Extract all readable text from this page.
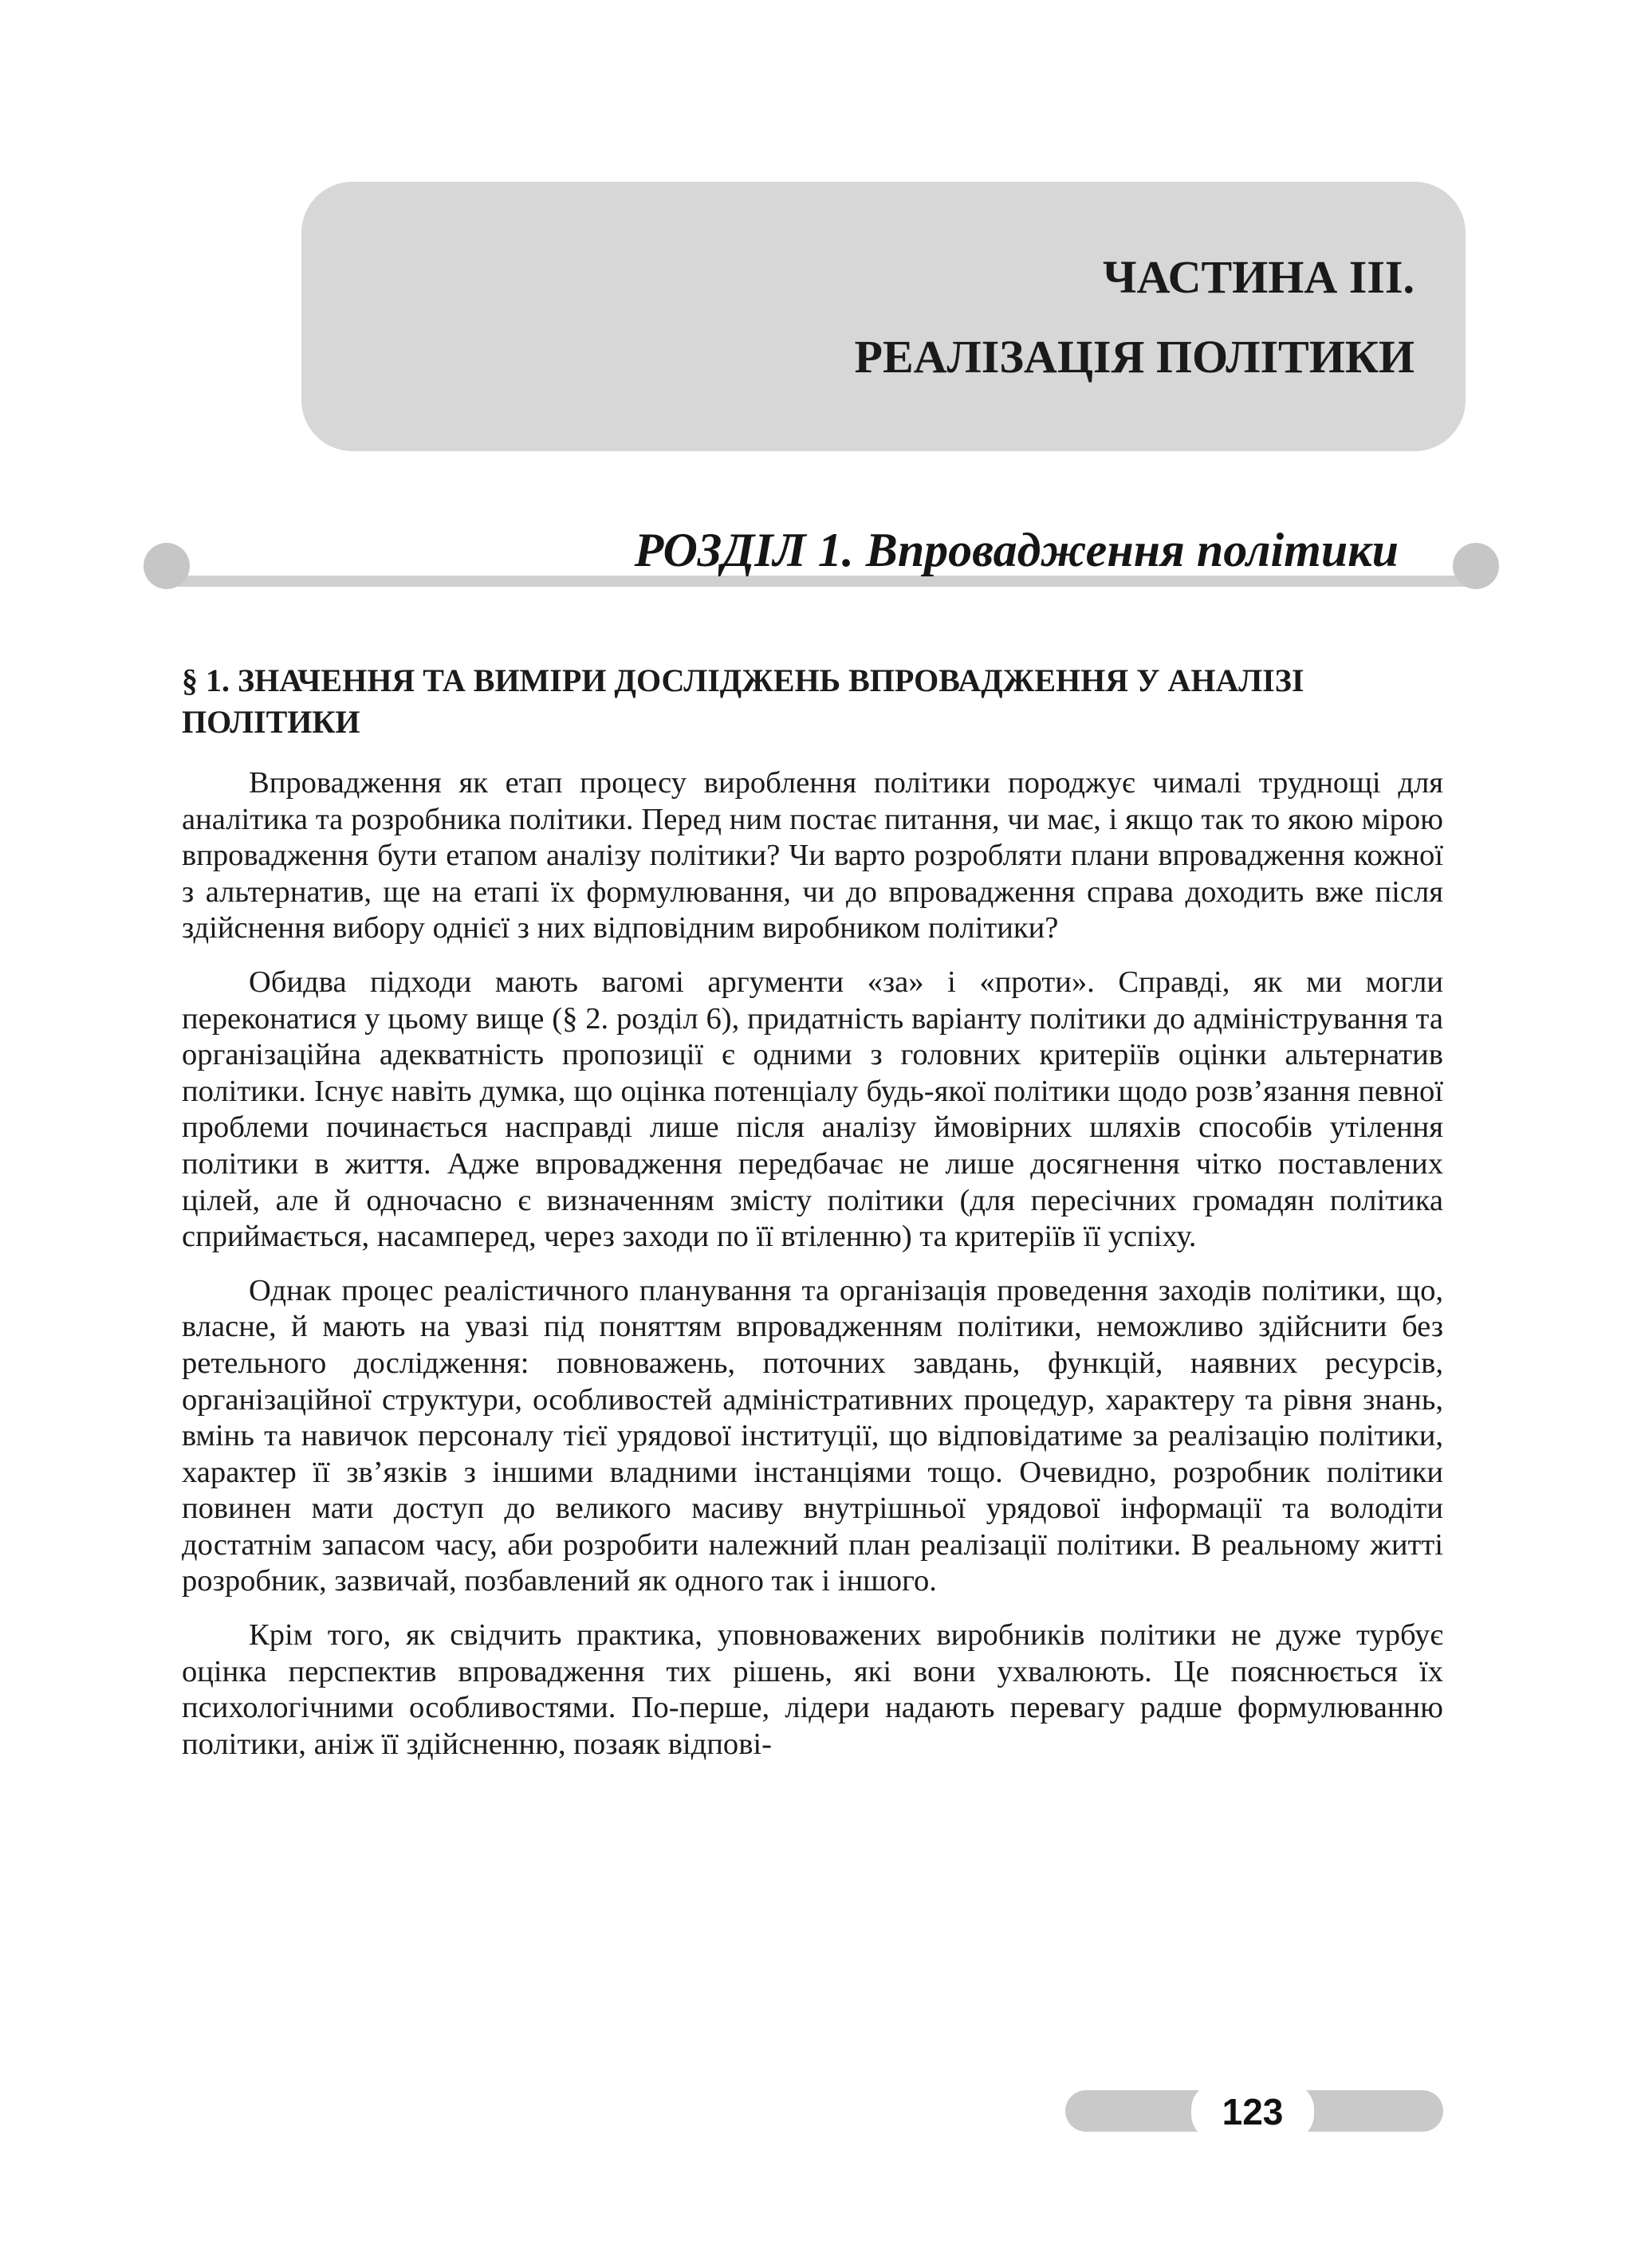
ЧАСТИНА ІІІ.
РЕАЛІЗАЦІЯ ПОЛІТИКИ
РОЗДІЛ 1. Впровадження політики
§ 1. ЗНАЧЕННЯ ТА ВИМІРИ ДОСЛІДЖЕНЬ ВПРОВАДЖЕННЯ У АНАЛІЗІ ПОЛІТИКИ

Впровадження як етап процесу вироблення політики породжує чималі труднощі для аналітика та розробника політики. Перед ним постає питання, чи має, і якщо так то якою мірою впровадження бути етапом аналізу політики? Чи варто розробляти плани впровадження кожної з альтернатив, ще на етапі їх формулювання, чи до впровадження справа доходить вже після здійснення вибору однієї з них відповідним виробником політики?

Обидва підходи мають вагомі аргументи «за» і «проти». Справді, як ми могли переконатися у цьому вище (§ 2. розділ 6), придатність варіанту політики до адміністрування та організаційна адекватність пропозиції є одними з головних критеріїв оцінки альтернатив політики. Існує навіть думка, що оцінка потенціалу будь-якої політики щодо розв’язання певної проблеми починається насправді лише після аналізу ймовірних шляхів способів утілення політики в життя. Адже впровадження передбачає не лише досягнення чітко поставлених цілей, але й одночасно є визначенням змісту політики (для пересічних громадян політика сприймається, насамперед, через заходи по її втіленню) та критеріїв її успіху.

Однак процес реалістичного планування та організація проведення заходів політики, що, власне, й мають на увазі під поняттям впровадженням політики, неможливо здійснити без ретельного дослідження: повноважень, поточних завдань, функцій, наявних ресурсів, організаційної структури, особливостей адміністративних процедур, характеру та рівня знань, вмінь та навичок персоналу тієї урядової інституції, що відповідатиме за реалізацію політики, характер її зв’язків з іншими владними інстанціями тощо. Очевидно, розробник політики повинен мати доступ до великого масиву внутрішньої урядової інформації та володіти достатнім запасом часу, аби розробити належний план реалізації політики. В реальному житті розробник, зазвичай, позбавлений як одного так і іншого.

Крім того, як свідчить практика, уповноважених виробників політики не дуже турбує оцінка перспектив впровадження тих рішень, які вони ухвалюють. Це пояснюється їх психологічними особливостями. По-перше, лідери надають перевагу радше формулюванню політики, аніж її здійсненню, позаяк відпові-

123
